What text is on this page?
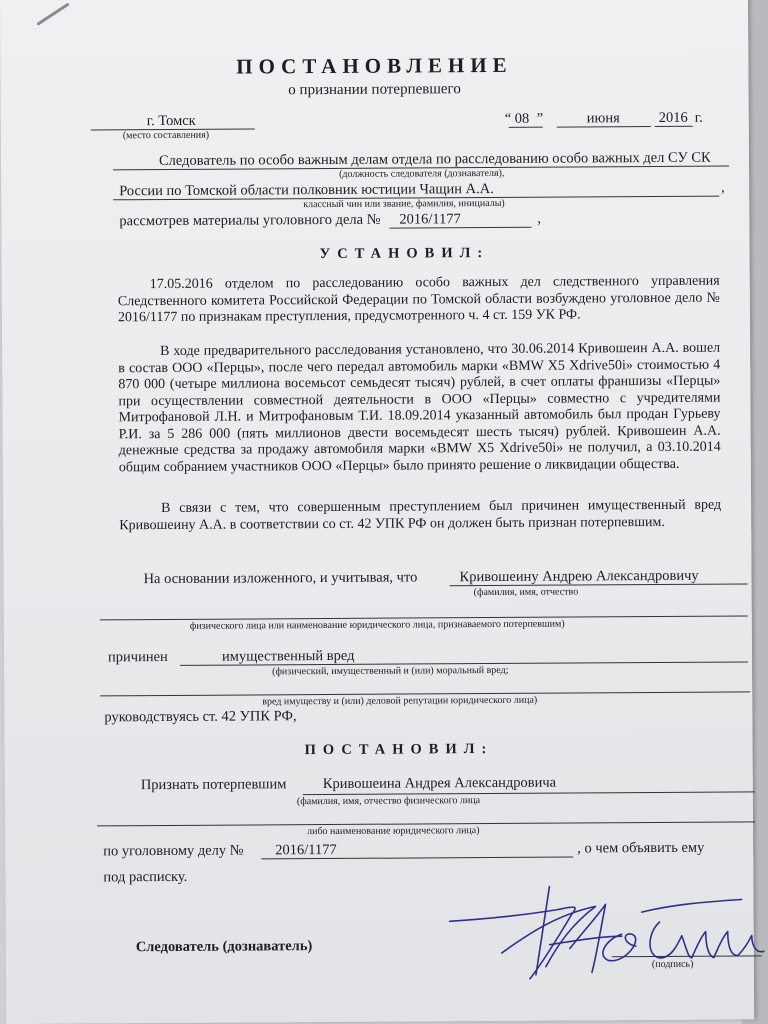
ПОСТАНОВЛЕНИЕ
о признании потерпевшего
г. Томск
(место составления)
“ 08 ”	июня	2016 г.
Следователь по особо важным делам отдела по расследованию особо важных дел СУ СК
(должность следователя (дознавателя),
России по Томской области полковник юстиции Чащин А.А.	,
классный чин или звание, фамилия, инициалы)
рассмотрев материалы уголовного дела № 2016/1177	,
УСТАНОВИЛ:
17.05.2016 отделом по расследованию особо важных дел следственного управления Следственного комитета Российской Федерации по Томской области возбуждено уголовное дело № 2016/1177 по признакам преступления, предусмотренного ч. 4 ст. 159 УК РФ.
В ходе предварительного расследования установлено, что 30.06.2014 Кривошеин А.А. вошел в состав ООО «Перцы», после чего передал автомобиль марки «BMW X5 Xdrive50i» стоимостью 4 870 000 (четыре миллиона восемьсот семьдесят тысяч) рублей, в счет оплаты франшизы «Перцы» при осуществлении совместной деятельности в ООО «Перцы» совместно с учредителями Митрофановой Л.Н. и Митрофановым Т.И. 18.09.2014 указанный автомобиль был продан Гурьеву Р.И. за 5 286 000 (пять миллионов двести восемьдесят шесть тысяч) рублей. Кривошеин А.А. денежные средства за продажу автомобиля марки «BMW X5 Xdrive50i» не получил, а 03.10.2014 общим собранием участников ООО «Перцы» было принято решение о ликвидации общества.
В связи с тем, что совершенным преступлением был причинен имущественный вред Кривошеину А.А. в соответствии со ст. 42 УПК РФ он должен быть признан потерпевшим.
На основании изложенного, и учитывая, что	Кривошеину Андрею Александровичу
(фамилия, имя, отчество
физического лица или наименование юридического лица, признаваемого потерпевшим)
причинен	имущественный вред
(физический, имущественный и (или) моральный вред;
вред имуществу и (или) деловой репутации юридического лица)
руководствуясь ст. 42 УПК РФ,
ПОСТАНОВИЛ:
Признать потерпевшим	Кривошеина Андрея Александровича
(фамилия, имя, отчество физического лица
либо наименование юридического лица)
по уголовному делу № 2016/1177	, о чем объявить ему
под расписку.
Следователь (дознаватель)
(подпись)
